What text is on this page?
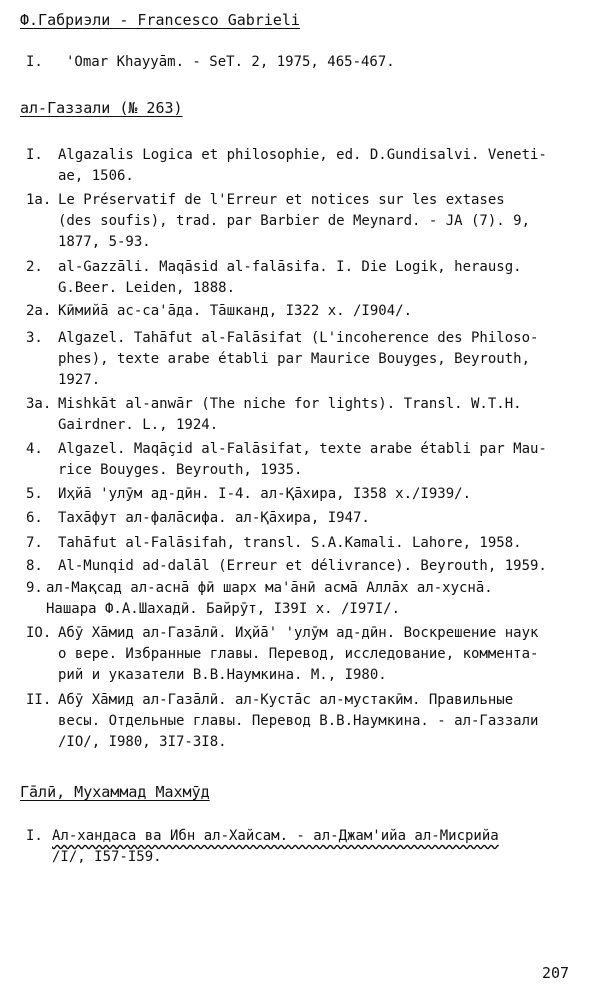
Ф.Габриэли - Francesco Gabrieli
I. 'Omar Khayyām. - SeT. 2, 1975, 465-467.
ал-Газзали (№ 263)
I. Algazalis Logica et philosophie, ed. D.Gundisalvi. Veneti-
ae, 1506.
1a. Le Préservatif de l'Erreur et notices sur les extases
(des soufis), trad. par Barbier de Meynard. - JA (7). 9,
1877, 5-93.
2. al-Gazzāli. Maqāsid al-falāsifa. I. Die Logik, herausg.
G.Beer. Leiden, 1888.
2a. Кӣмийā ас-са'āда. Тāшканд, I322 х. /I904/.
3. Algazel. Tahāfut al-Falāsifat (L'incoherence des Philoso-
phes), texte arabe établi par Maurice Bouyges, Beyrouth,
1927.
3a. Mishkāt al-anwār (The niche for lights). Transl. W.T.H.
Gairdner. L., 1924.
4. Algazel. Maqāçid al-Falāsifat, texte arabe établi par Mau-
rice Bouyges. Beyrouth, 1935.
5. Иҳйā 'улӯм ад-дӣн. I-4. ал-Қāхира, I358 х./I939/.
6. Тахāфут ал-фалāсифа. ал-Қāхира, I947.
7. Tahāfut al-Falāsifah, transl. S.A.Kamali. Lahore, 1958.
8. Al-Munqid ad-dalāl (Erreur et délivrance). Beyrouth, 1959.
9. ал-Мақсад ал-аснā фӣ шарх ма'āнӣ асмā Аллāх ал-хуснā.
Нашара Ф.А.Шахадӣ. Байрӯт, I39I х. /I97I/.
IO. Абӯ Хāмид ал-Газāлӣ. Иҳйā' 'улӯм ад-дӣн. Воскрешение наук
о вере. Избранные главы. Перевод, исследование, коммента-
рий и указатели В.В.Наумкина. М., I980.
II. Абӯ Хāмид ал-Газāлӣ. ал-Кустāс ал-мустакӣм. Правильные
весы. Отдельные главы. Перевод В.В.Наумкина. - ал-Газзали
/IO/, I980, 3I7-3I8.
Гāлӣ, Мухаммад Махмӯд
I. Ал-хандаса ва Ибн ал-Хайсам. - ал-Джам'ийа ал-Мисрийа
/I/, I57-I59.
207
